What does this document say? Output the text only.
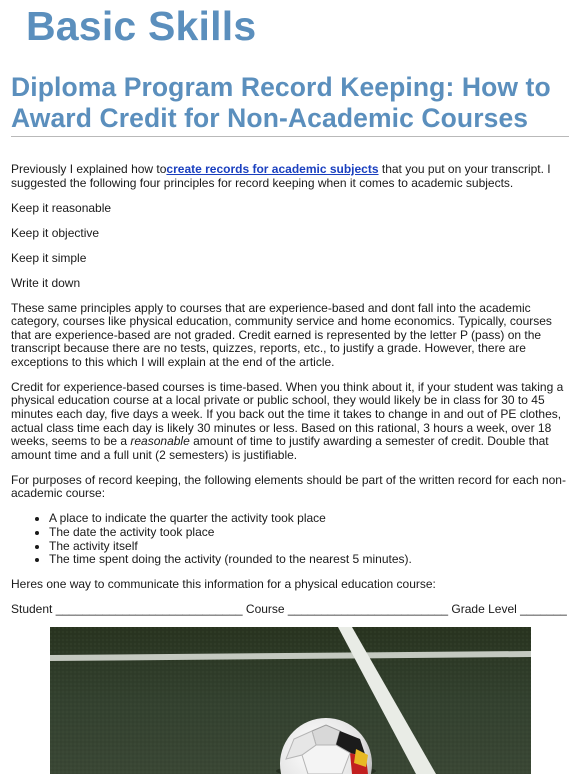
Basic Skills
Diploma Program Record Keeping: How to Award Credit for Non-Academic Courses

Previously I explained how tocreate records for academic subjects that you put on your transcript. I suggested the following four principles for record keeping when it comes to academic subjects.

Keep it reasonable

Keep it objective

Keep it simple

Write it down

These same principles apply to courses that are experience-based and dont fall into the academic category, courses like physical education, community service and home economics. Typically, courses that are experience-based are not graded. Credit earned is represented by the letter P (pass) on the transcript because there are no tests, quizzes, reports, etc., to justify a grade. However, there are exceptions to this which I will explain at the end of the article.

Credit for experience-based courses is time-based. When you think about it, if your student was taking a physical education course at a local private or public school, they would likely be in class for 30 to 45 minutes each day, five days a week. If you back out the time it takes to change in and out of PE clothes, actual class time each day is likely 30 minutes or less. Based on this rational, 3 hours a week, over 18 weeks, seems to be a reasonable amount of time to justify awarding a semester of credit. Double that amount time and a full unit (2 semesters) is justifiable.

For purposes of record keeping, the following elements should be part of the written record for each non-academic course:

• A place to indicate the quarter the activity took place
• The date the activity took place
• The activity itself
• The time spent doing the activity (rounded to the nearest 5 minutes).

Heres one way to communicate this information for a physical education course:

Student ____________________________ Course ________________________ Grade Level _______
